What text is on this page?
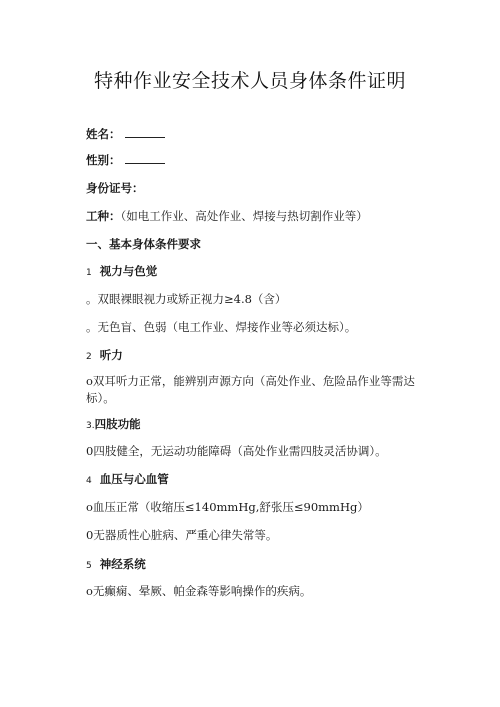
特种作业安全技术人员身体条件证明
姓名：
性别：
身份证号：
工种：（如电工作业、高处作业、焊接与热切割作业等）
一、基本身体条件要求
1 视力与色觉
。双眼裸眼视力或矫正视力≥4.8（含）
。无色盲、色弱（电工作业、焊接作业等必须达标）。
2 听力
o双耳听力正常，能辨别声源方向（高处作业、危险品作业等需达标）。
3.四肢功能
0四肢健全，无运动功能障碍（高处作业需四肢灵活协调）。
4 血压与心血管
o血压正常（收缩压≤140mmHg,舒张压≤90mmHg）
0无器质性心脏病、严重心律失常等。
5 神经系统
o无癫痫、晕厥、帕金森等影响操作的疾病。
